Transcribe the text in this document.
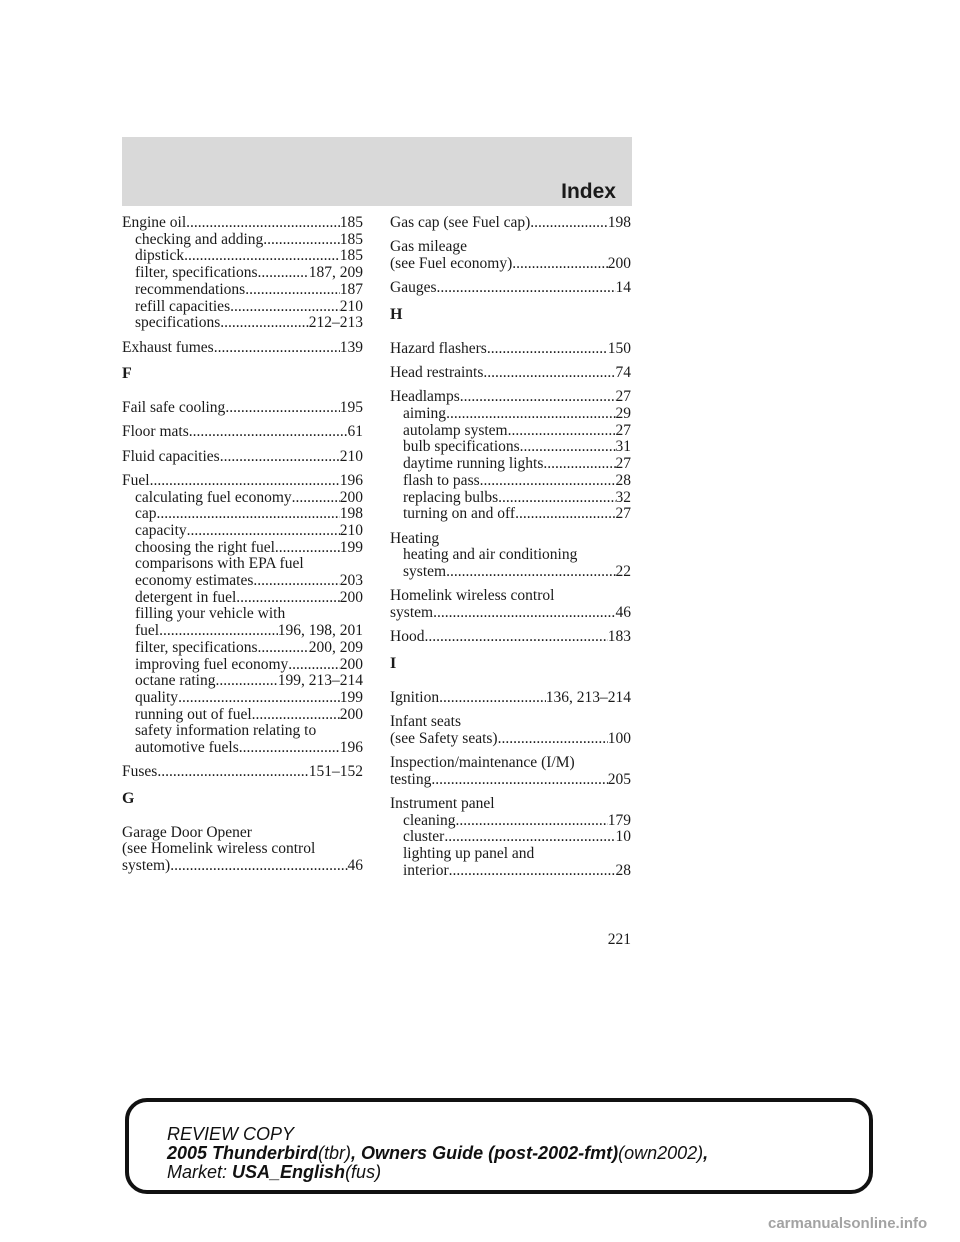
Index
Engine oil .....	185
checking and adding .....	185
dipstick .....	185
filter, specifications .....	187, 209
recommendations .....	187
refill capacities .....	210
specifications .....	212–213
Exhaust fumes .....	139
F
Fail safe cooling .....	195
Floor mats .....	61
Fluid capacities .....	210
Fuel .....	196
calculating fuel economy .....	200
cap .....	198
capacity .....	210
choosing the right fuel .....	199
comparisons with EPA fuel
economy estimates .....	203
detergent in fuel .....	200
filling your vehicle with
fuel .....	196, 198, 201
filter, specifications .....	200, 209
improving fuel economy .....	200
octane rating .....	199, 213–214
quality .....	199
running out of fuel .....	200
safety information relating to
automotive fuels .....	196
Fuses .....	151–152
G
Garage Door Opener
(see Homelink wireless control
system) .....	46
Gas cap (see Fuel cap) .....	198
Gas mileage
(see Fuel economy) .....	200
Gauges .....	14
H
Hazard flashers .....	150
Head restraints .....	74
Headlamps .....	27
aiming .....	29
autolamp system .....	27
bulb specifications .....	31
daytime running lights .....	27
flash to pass .....	28
replacing bulbs .....	32
turning on and off .....	27
Heating
heating and air conditioning
system .....	22
Homelink wireless control
system .....	46
Hood .....	183
I
Ignition .....	136, 213–214
Infant seats
(see Safety seats) .....	100
Inspection/maintenance (I/M)
testing .....	205
Instrument panel
cleaning .....	179
cluster .....	10
lighting up panel and
interior .....	28
221
REVIEW COPY
2005 Thunderbird(tbr), Owners Guide (post-2002-fmt)(own2002),
Market: USA_English(fus)
carmanualsonline.info
